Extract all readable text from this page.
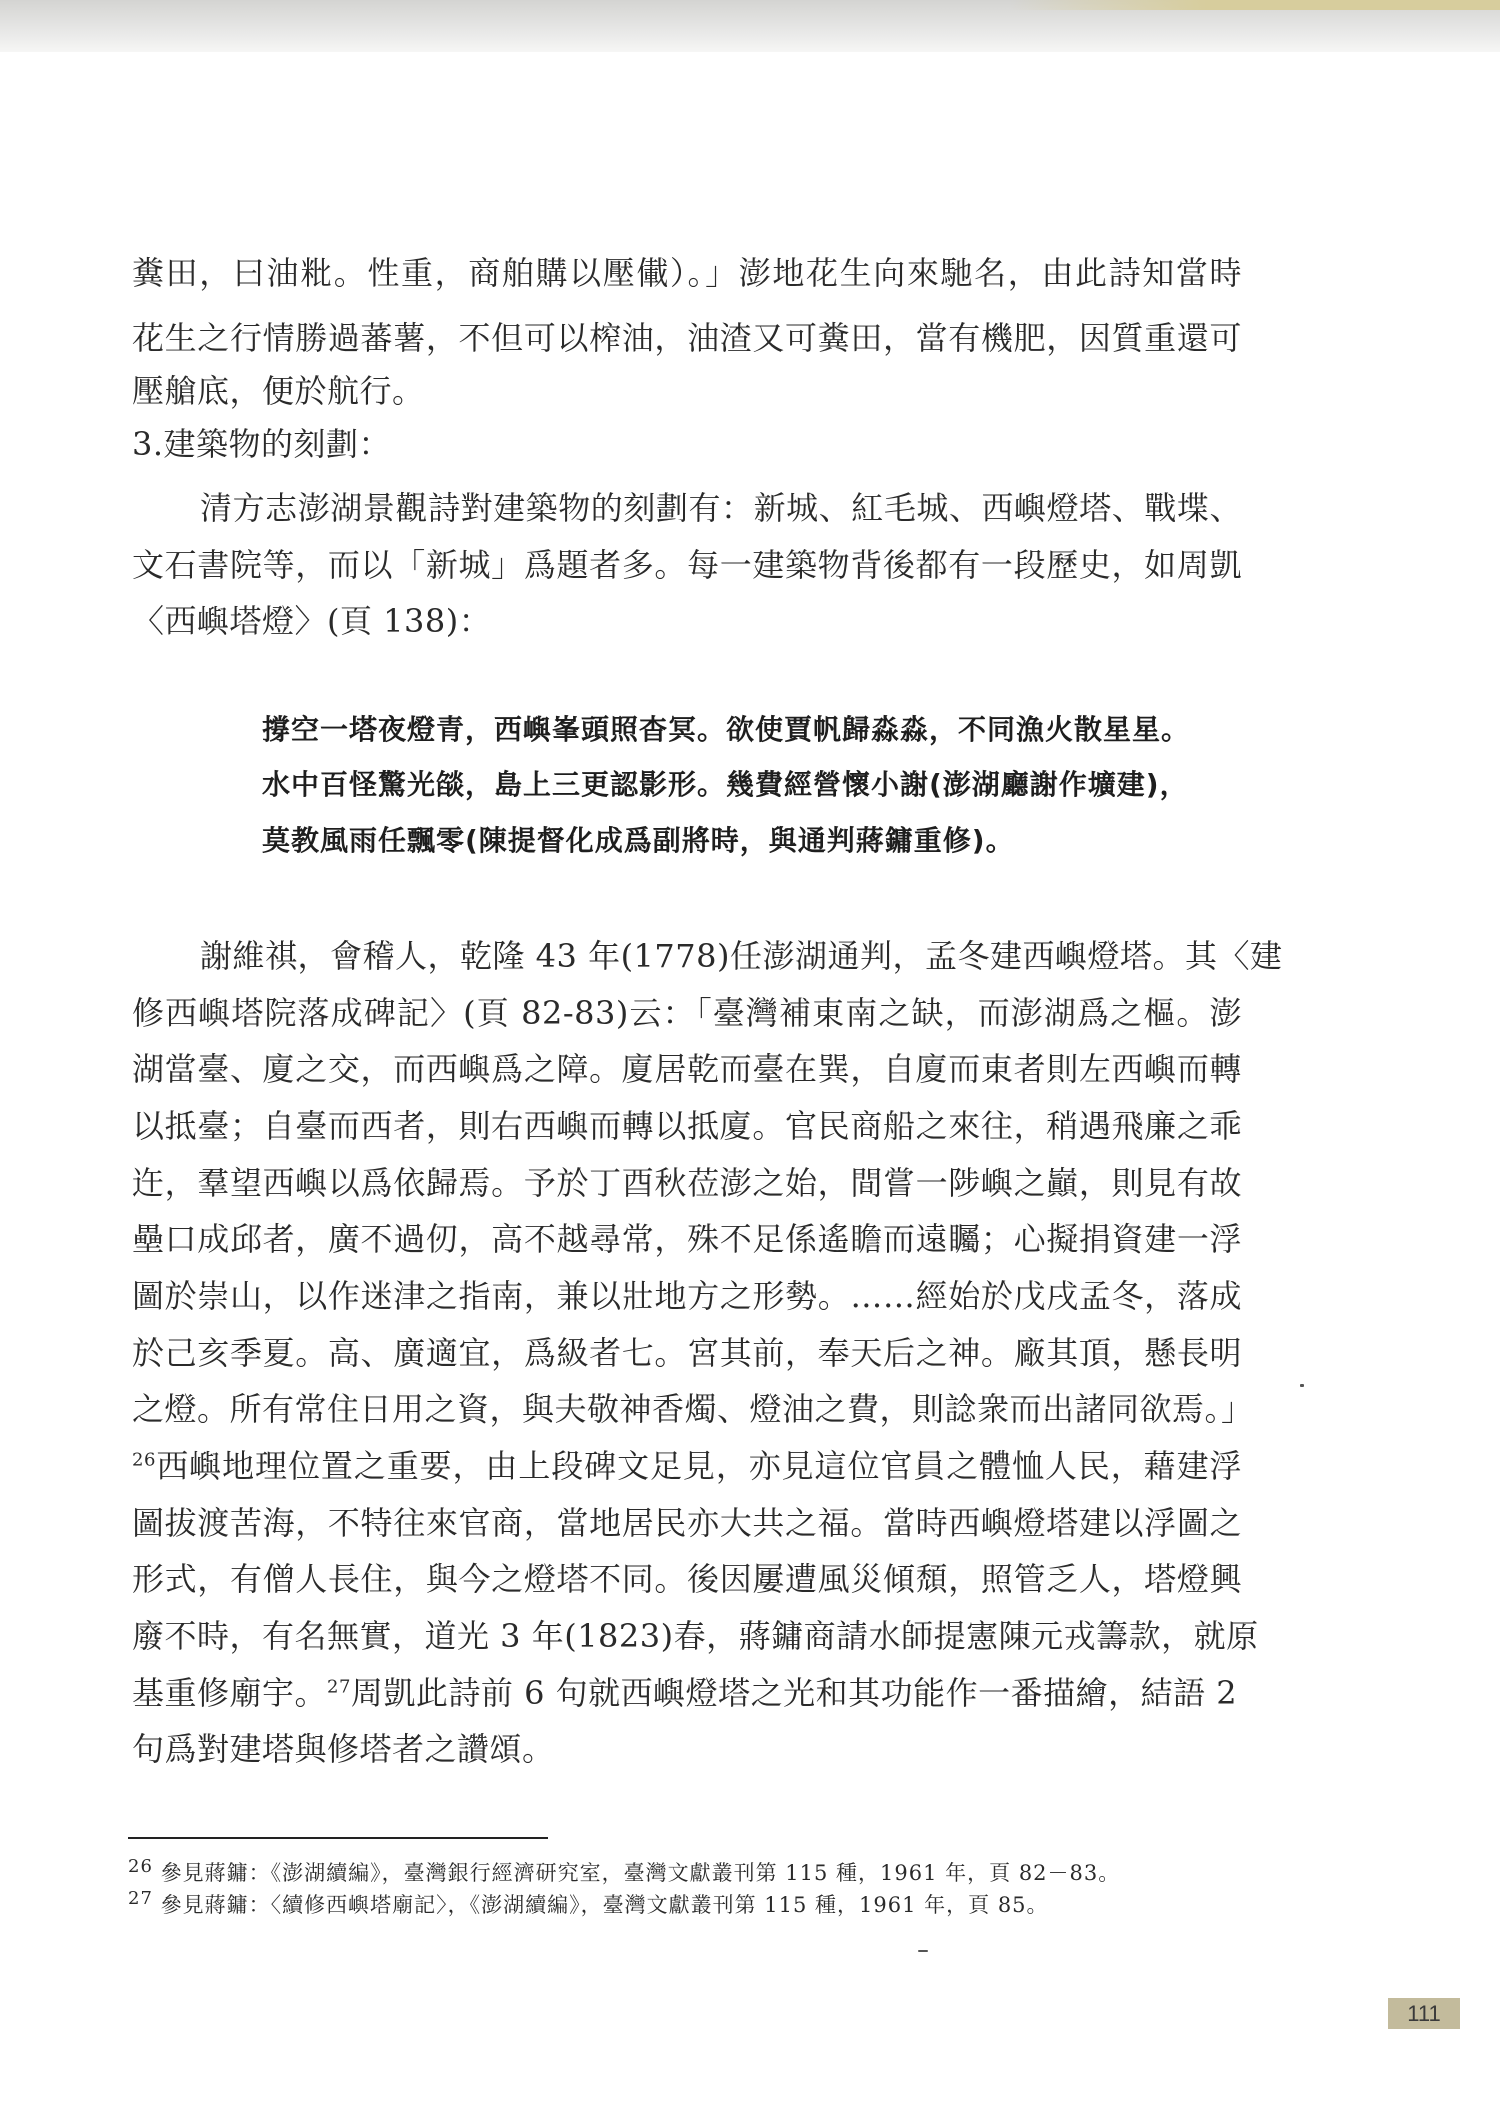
糞田，曰油粃。性重，商舶購以壓儎）。」澎地花生向來馳名，由此詩知當時
花生之行情勝過蕃薯，不但可以榨油，油渣又可糞田，當有機肥，因質重還可
壓艙底，便於航行。
3.建築物的刻劃：
清方志澎湖景觀詩對建築物的刻劃有：新城、紅毛城、西嶼燈塔、戰堞、
文石書院等，而以「新城」爲題者多。每一建築物背後都有一段歷史，如周凱
〈西嶼塔燈〉(頁 138)：
撐空一塔夜燈青，西嶼峯頭照杳冥。欲使賈帆歸淼淼，不同漁火散星星。
水中百怪驚光燄，島上三更認影形。幾費經營懷小謝(澎湖廳謝作壙建)，
莫教風雨任飄零(陳提督化成爲副將時，與通判蔣鏞重修)。
謝維祺，會稽人，乾隆 43 年(1778)任澎湖通判，孟冬建西嶼燈塔。其〈建
修西嶼塔院落成碑記〉(頁 82-83)云：「臺灣補東南之缺，而澎湖爲之樞。澎
湖當臺、廈之交，而西嶼爲之障。廈居乾而臺在巽，自廈而東者則左西嶼而轉
以抵臺；自臺而西者，則右西嶼而轉以抵廈。官民商船之來往，稍遇飛廉之乖
迕，羣望西嶼以爲依歸焉。予於丁酉秋莅澎之始，間嘗一陟嶼之巓，則見有故
壘口成邱者，廣不過仞，高不越尋常，殊不足係遙瞻而遠矚；心擬捐資建一浮
圖於崇山，以作迷津之指南，兼以壯地方之形勢。……經始於戊戌孟冬，落成
於己亥季夏。高、廣適宜，爲級者七。宮其前，奉天后之神。廠其頂，懸長明
之燈。所有常住日用之資，與夫敬神香燭、燈油之費，則諗衆而出諸同欲焉。」
$^{26}$西嶼地理位置之重要，由上段碑文足見，亦見這位官員之體恤人民，藉建浮
圖拔渡苦海，不特往來官商，當地居民亦大共之福。當時西嶼燈塔建以浮圖之
形式，有僧人長住，與今之燈塔不同。後因屢遭風災傾頹，照管乏人，塔燈興
廢不時，有名無實，道光 3 年(1823)春，蔣鏞商請水師提憲陳元戎籌款，就原
基重修廟宇。$^{27}$周凱此詩前 6 句就西嶼燈塔之光和其功能作一番描繪，結語 2
句爲對建塔與修塔者之讚頌。
$^{26}$ 參見蔣鏞：《澎湖續編》，臺灣銀行經濟研究室，臺灣文獻叢刊第 115 種，1961 年，頁 82－83。
$^{27}$ 參見蔣鏞：〈續修西嶼塔廟記〉，《澎湖續編》，臺灣文獻叢刊第 115 種，1961 年，頁 85。
111
